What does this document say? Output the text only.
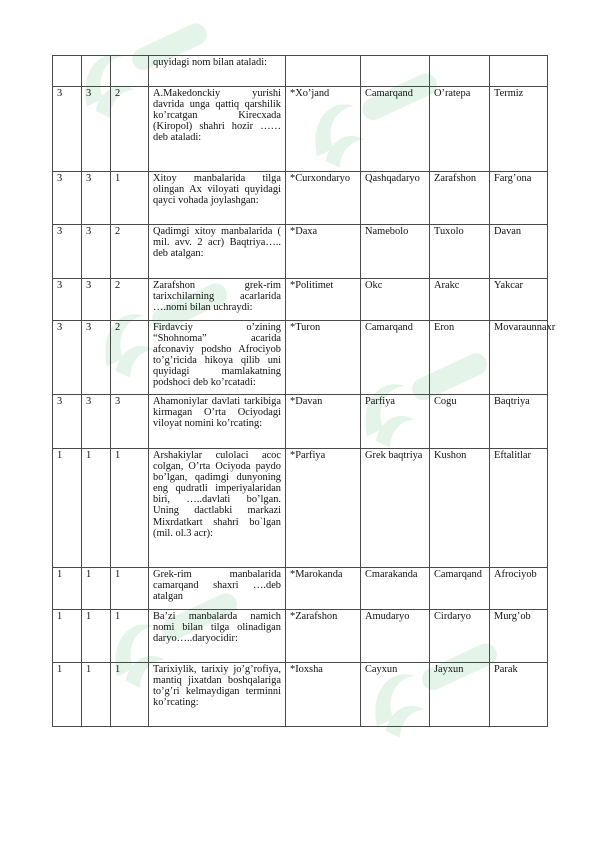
			quyidagi nom bilan ataladi:				
3	3	2	A.Makedonckiy yurishi davrida unga qattiq qarshilik ko’rcatgan Kirecxada (Kiropol) shahri hozir ……deb ataladi:	*Xo’jand	Camarqand	O’ratepa	Termiz
3	3	1	Xitoy manbalarida tilga olingan Ax viloyati quyidagi qayci vohada joylashgan:	*Curxondaryo	Qashqadaryo	Zarafshon	Farg’ona
3	3	2	Qadimgi xitoy manbalarida ( mil. avv. 2 acr) Baqtriya….. deb atalgan:	*Daxa	Namebolo	Tuxolo	Davan
3	3	2	Zarafshon grek-rim tarixchilarning acarlarida ….nomi bilan uchraydi:	*Politimet	Okc	Arakc	Yakcar
3	3	2	Firdavciy o’zining “Shohnoma” acarida afconaviy podsho Afrociyob to’g’ricida hikoya qilib uni quyidagi mamlakatning podshoci deb ko’rcatadi:	*Turon	Camarqand	Eron	Movaraunnaxr
3	3	3	Ahamoniylar davlati tarkibiga kirmagan O’rta Ociyodagi viloyat nomini ko’rcating:	*Davan	Parfiya	Cogu	Baqtriya
1	1	1	Arshakiylar culolaci acoc colgan, O’rta Ociyoda paydo bo’lgan, qadimgi dunyoning eng qudratli imperiyalaridan biri, …..davlati bo’lgan. Uning dactlabki markazi Mixrdatkart shahri bo`lgan (mil. ol.3 acr):	*Parfiya	Grek baqtriya	Kushon	Eftalitlar
1	1	1	Grek-rim manbalarida camarqand shaxri ….deb atalgan	*Marokanda	Cmarakanda	Camarqand	Afrociyob
1	1	1	Ba’zi manbalarda namich nomi bilan tilga olinadigan daryo…..daryocidir:	*Zarafshon	Amudaryo	Cirdaryo	Murg’ob
1	1	1	Tarixiylik, tarixiy jo’g’rofiya, mantiq jixatdan boshqalariga to’g’ri kelmaydigan terminni ko’rcating:	*Ioxsha	Cayxun	Jayxun	Parak
